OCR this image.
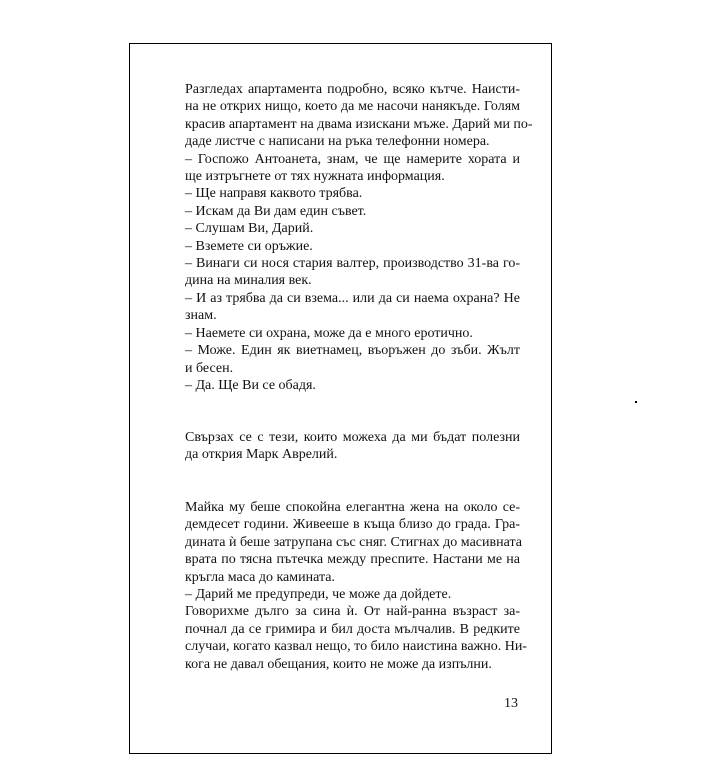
Разгледах апартамента подробно, всяко кътче. Наисти-
на не открих нищо, което да ме насочи нанякъде. Голям
красив апартамент на двама изискани мъже. Дарий ми по-
даде листче с написани на ръка телефонни номера.
– Госпожо Антоанета, знам, че ще намерите хората и
ще изтръгнете от тях нужната информация.
– Ще направя каквото трябва.
– Искам да Ви дам един съвет.
– Слушам Ви, Дарий.
– Вземете си оръжие.
– Винаги си нося стария валтер, производство 31-ва го-
дина на миналия век.
– И аз трябва да си взема... или да си наема охрана? Не
знам.
– Наемете си охрана, може да е много еротично.
– Може. Един як виетнамец, въоръжен до зъби. Жълт
и бесен.
– Да. Ще Ви се обадя.
Свързах се с тези, които можеха да ми бъдат полезни
да открия Марк Аврелий.
Майка му беше спокойна елегантна жена на около се-
демдесет години. Живееше в къща близо до града. Гра-
дината ѝ беше затрупана със сняг. Стигнах до масивната
врата по тясна пътечка между преспите. Настани ме на
кръгла маса до камината.
– Дарий ме предупреди, че може да дойдете.
Говорихме дълго за сина ѝ. От най-ранна възраст за-
почнал да се гримира и бил доста мълчалив. В редките
случаи, когато казвал нещо, то било наистина важно. Ни-
кога не давал обещания, които не може да изпълни.
13
